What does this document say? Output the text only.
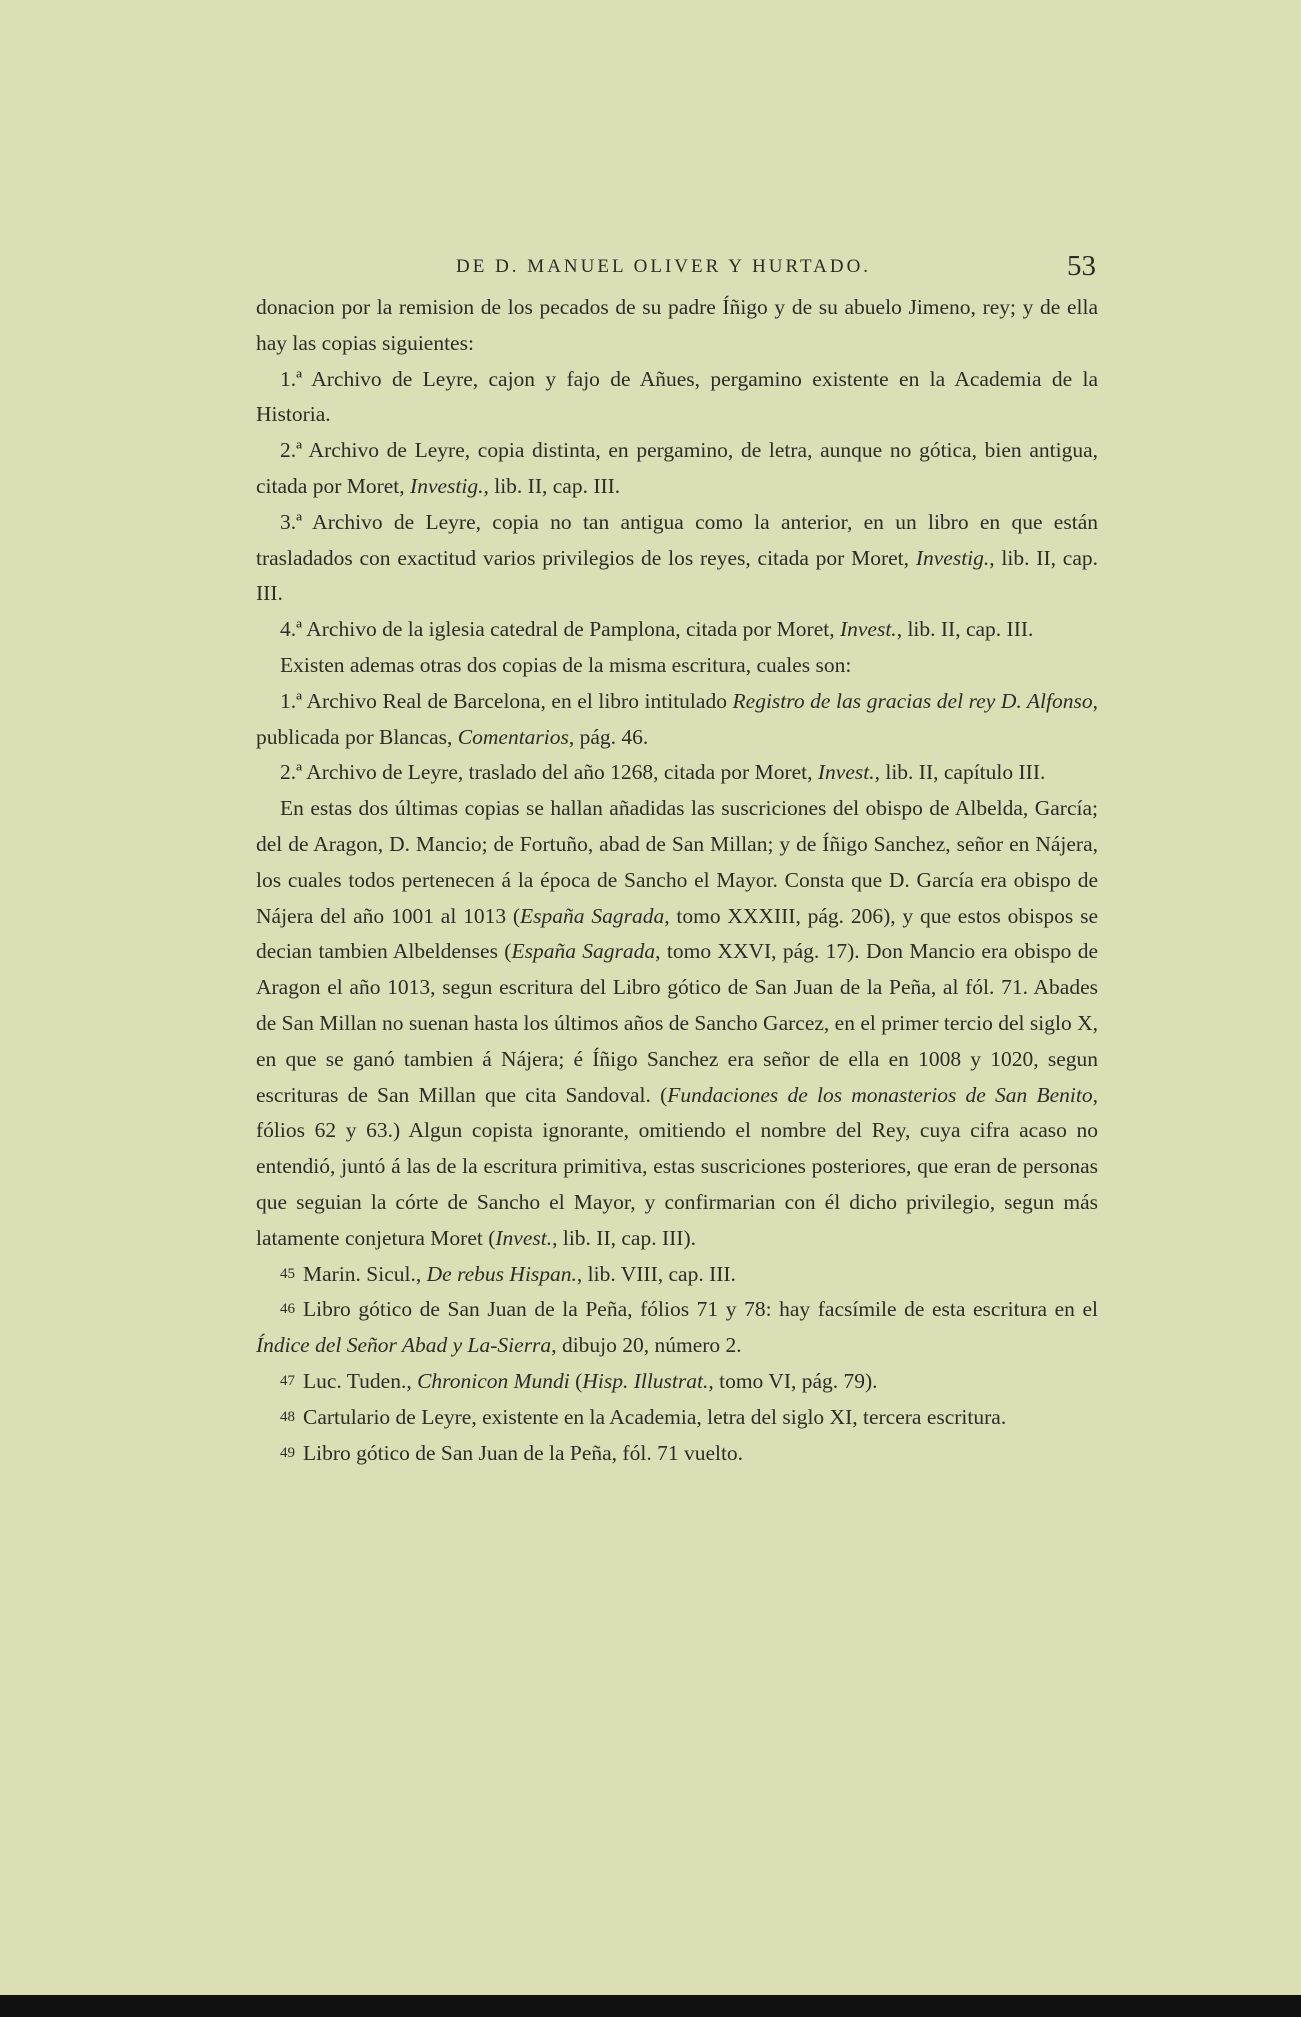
DE D. MANUEL OLIVER Y HURTADO.	53

donacion por la remision de los pecados de su padre Íñigo y de su abuelo Jimeno, rey; y de ella hay las copias siguientes:

1.ª Archivo de Leyre, cajon y fajo de Añues, pergamino existente en la Academia de la Historia.

2.ª Archivo de Leyre, copia distinta, en pergamino, de letra, aunque no gótica, bien antigua, citada por Moret, Investig., lib. II, cap. III.

3.ª Archivo de Leyre, copia no tan antigua como la anterior, en un libro en que están trasladados con exactitud varios privilegios de los reyes, citada por Moret, Investig., lib. II, cap. III.

4.ª Archivo de la iglesia catedral de Pamplona, citada por Moret, Invest., lib. II, cap. III.

Existen ademas otras dos copias de la misma escritura, cuales son:

1.ª Archivo Real de Barcelona, en el libro intitulado Registro de las gracias del rey D. Alfonso, publicada por Blancas, Comentarios, pág. 46.

2.ª Archivo de Leyre, traslado del año 1268, citada por Moret, Invest., lib. II, capítulo III.

En estas dos últimas copias se hallan añadidas las suscriciones del obispo de Albelda, García; del de Aragon, D. Mancio; de Fortuño, abad de San Millan; y de Íñigo Sanchez, señor en Nájera, los cuales todos pertenecen á la época de Sancho el Mayor. Consta que D. García era obispo de Nájera del año 1001 al 1013 (España Sagrada, tomo XXXIII, pág. 206), y que estos obispos se decian tambien Albeldenses (España Sagrada, tomo XXVI, pág. 17). Don Mancio era obispo de Aragon el año 1013, segun escritura del Libro gótico de San Juan de la Peña, al fól. 71. Abades de San Millan no suenan hasta los últimos años de Sancho Garcez, en el primer tercio del siglo X, en que se ganó tambien á Nájera; é Íñigo Sanchez era señor de ella en 1008 y 1020, segun escrituras de San Millan que cita Sandoval. (Fundaciones de los monasterios de San Benito, fólios 62 y 63.) Algun copista ignorante, omitiendo el nombre del Rey, cuya cifra acaso no entendió, juntó á las de la escritura primitiva, estas suscriciones posteriores, que eran de personas que seguian la córte de Sancho el Mayor, y confirmarian con él dicho privilegio, segun más latamente conjetura Moret (Invest., lib. II, cap. III).

45 Marin. Sicul., De rebus Hispan., lib. VIII, cap. III.

46 Libro gótico de San Juan de la Peña, fólios 71 y 78: hay facsímile de esta escritura en el Índice del Señor Abad y La-Sierra, dibujo 20, número 2.

47 Luc. Tuden., Chronicon Mundi (Hisp. Illustrat., tomo VI, pág. 79).

48 Cartulario de Leyre, existente en la Academia, letra del siglo XI, tercera escritura.

49 Libro gótico de San Juan de la Peña, fól. 71 vuelto.
